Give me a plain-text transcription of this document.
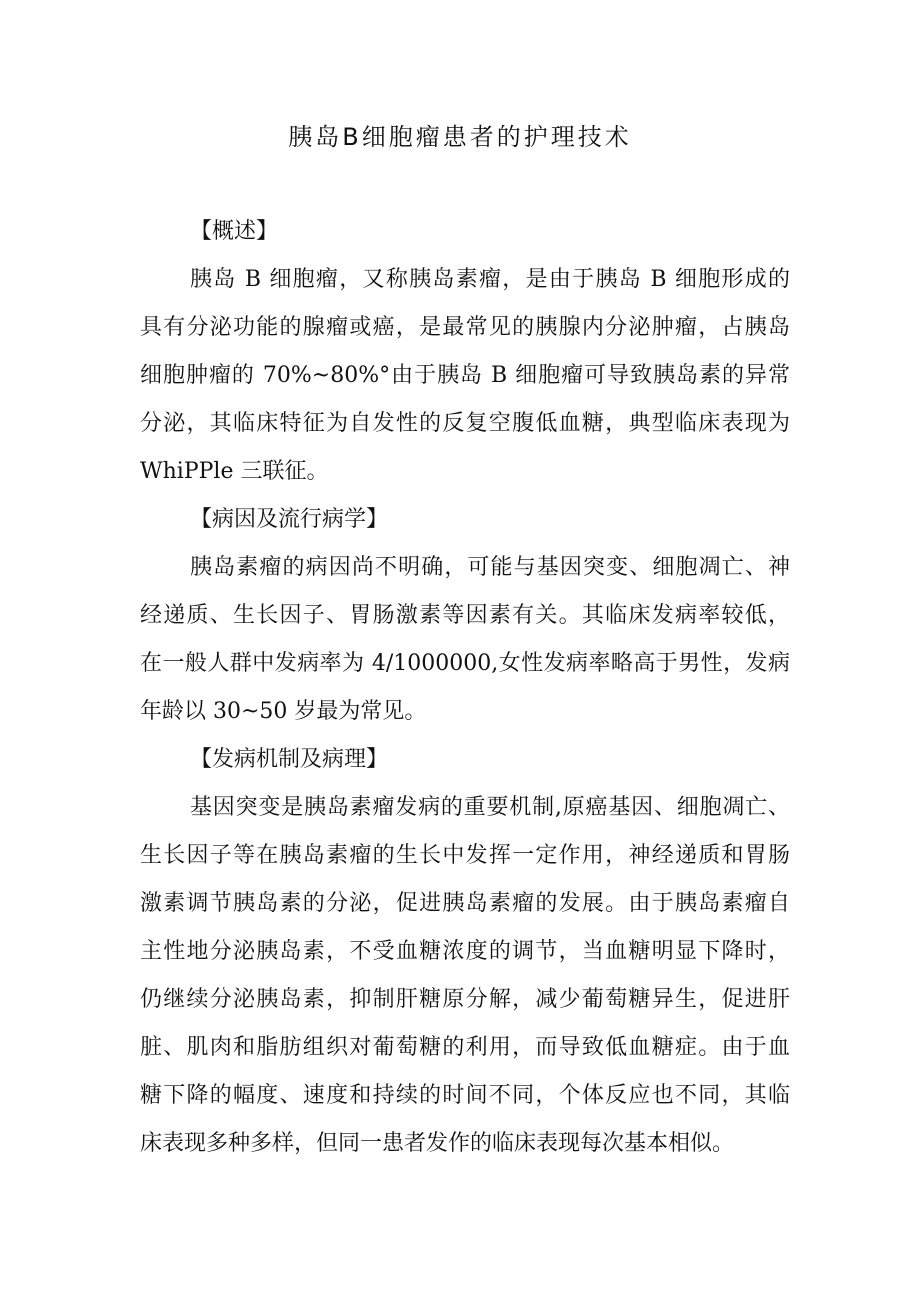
胰岛B细胞瘤患者的护理技术
【概述】
胰岛 B 细胞瘤，又称胰岛素瘤，是由于胰岛 B 细胞形成的
具有分泌功能的腺瘤或癌，是最常见的胰腺内分泌肿瘤，占胰岛
细胞肿瘤的 70%~80%°由于胰岛 B 细胞瘤可导致胰岛素的异常
分泌，其临床特征为自发性的反复空腹低血糖，典型临床表现为
WhiPPle 三联征。
【病因及流行病学】
胰岛素瘤的病因尚不明确，可能与基因突变、细胞凋亡、神
经递质、生长因子、胃肠激素等因素有关。其临床发病率较低，
在一般人群中发病率为 4/1000000,女性发病率略高于男性，发病
年龄以 30~50 岁最为常见。
【发病机制及病理】
基因突变是胰岛素瘤发病的重要机制,原癌基因、细胞凋亡、
生长因子等在胰岛素瘤的生长中发挥一定作用，神经递质和胃肠
激素调节胰岛素的分泌，促进胰岛素瘤的发展。由于胰岛素瘤自
主性地分泌胰岛素，不受血糖浓度的调节，当血糖明显下降时，
仍继续分泌胰岛素，抑制肝糖原分解，减少葡萄糖异生，促进肝
脏、肌肉和脂肪组织对葡萄糖的利用，而导致低血糖症。由于血
糖下降的幅度、速度和持续的时间不同，个体反应也不同，其临
床表现多种多样，但同一患者发作的临床表现每次基本相似。
